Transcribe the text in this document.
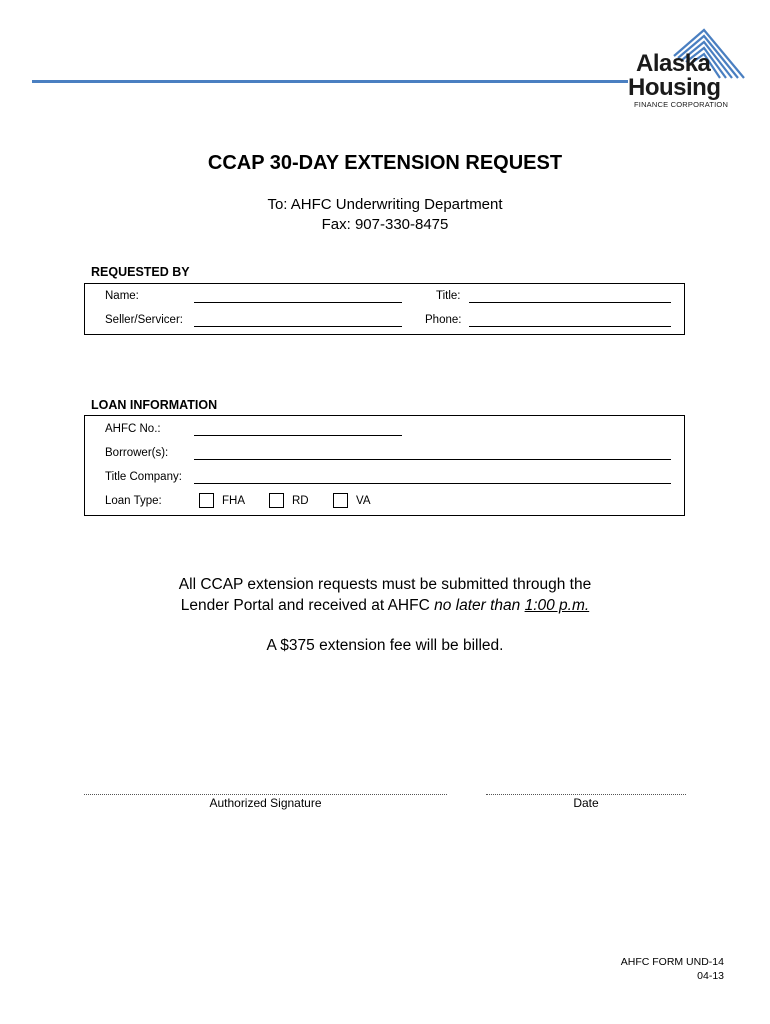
Alaska
Housing
FINANCE CORPORATION
CCAP 30-DAY EXTENSION REQUEST
To: AHFC Underwriting Department
Fax: 907-330-8475
REQUESTED BY
Name:	Title:
Seller/Servicer:	Phone:
LOAN INFORMATION
AHFC No.:
Borrower(s):
Title Company:
Loan Type:	FHA	RD	VA
All CCAP extension requests must be submitted through the
Lender Portal and received at AHFC no later than 1:00 p.m.
A $375 extension fee will be billed.
Authorized Signature	Date
AHFC FORM UND-14
04-13
